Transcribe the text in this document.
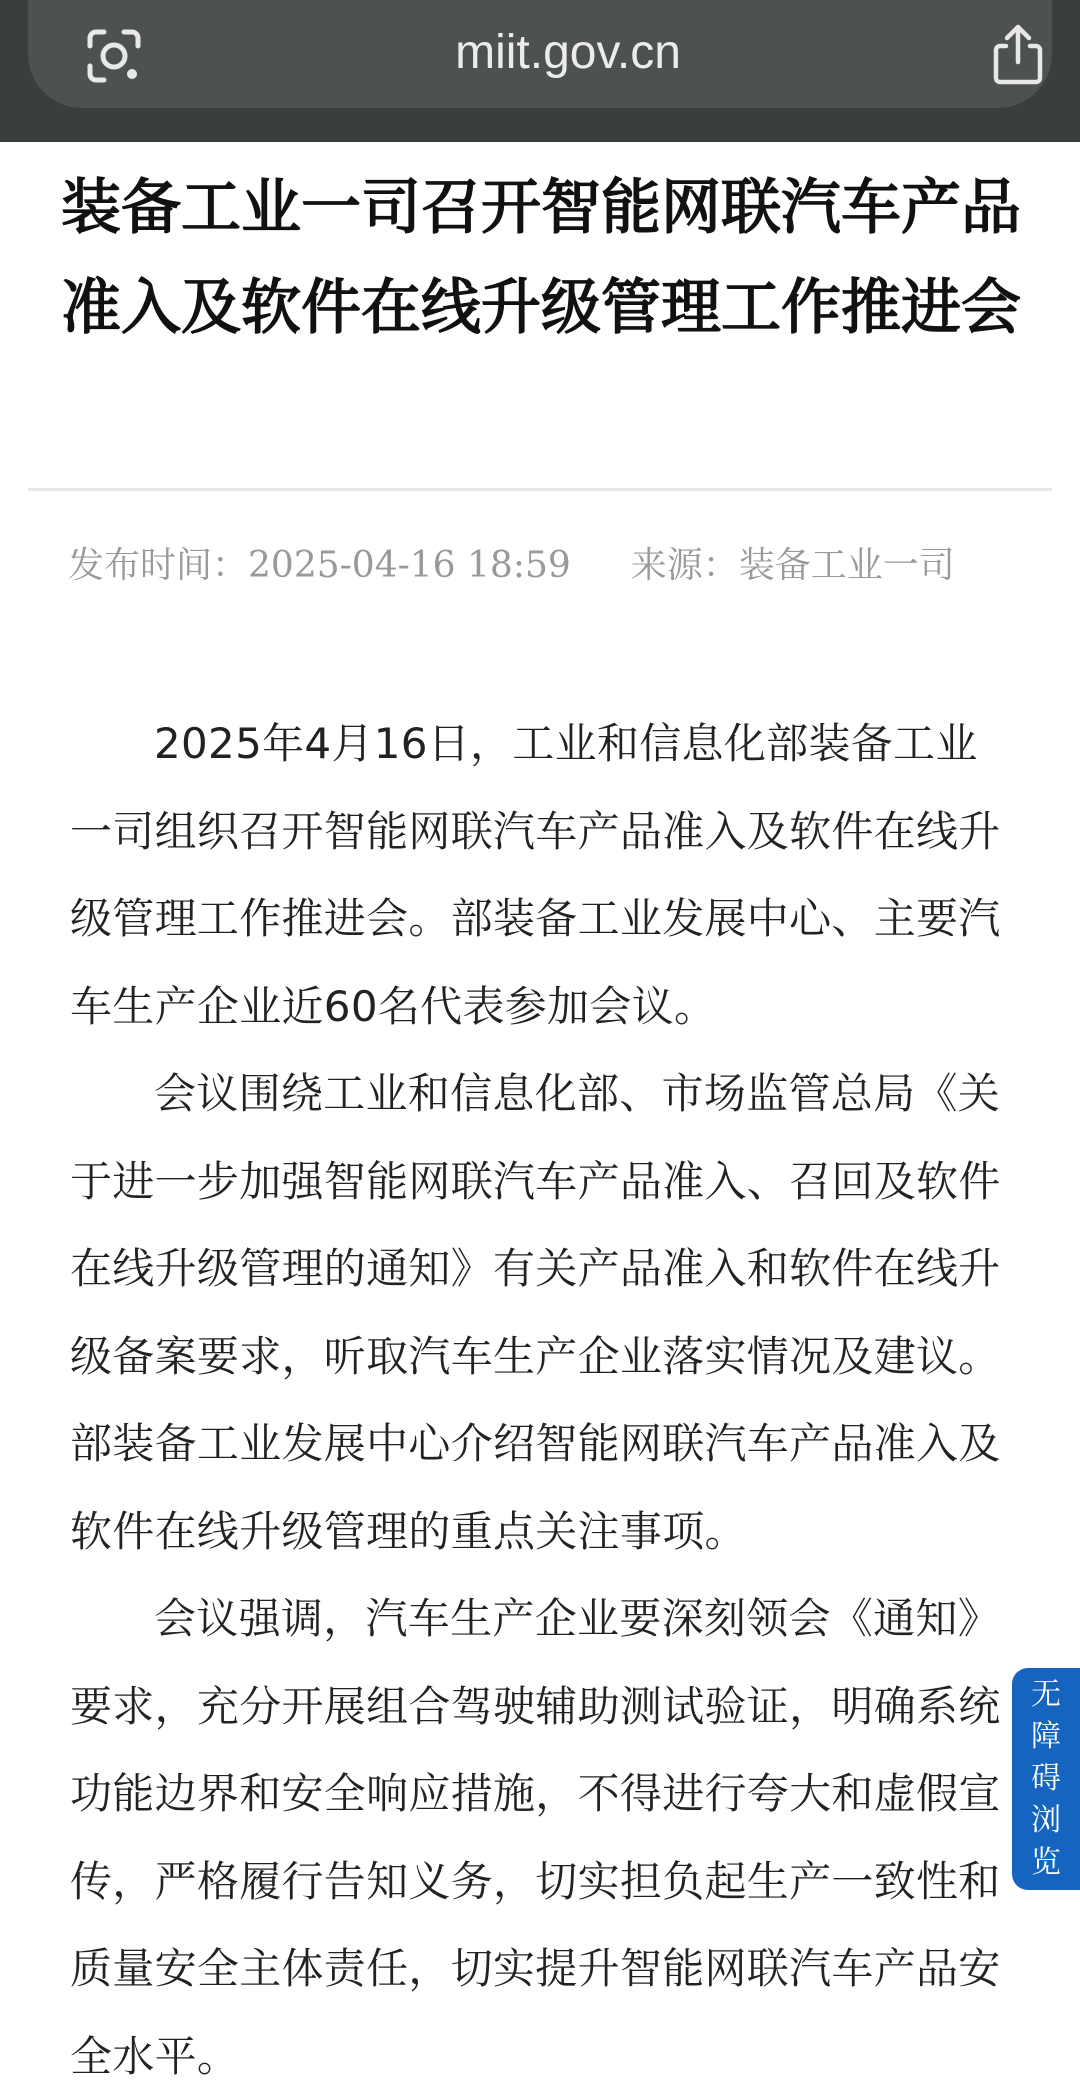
miit.gov.cn
装备工业一司召开智能网联汽车产品准入及软件在线升级管理工作推进会
发布时间：2025-04-16 18:59 来源：装备工业一司

2025年4月16日，工业和信息化部装备工业一司组织召开智能网联汽车产品准入及软件在线升级管理工作推进会。部装备工业发展中心、主要汽车生产企业近60名代表参加会议。

会议围绕工业和信息化部、市场监管总局《关于进一步加强智能网联汽车产品准入、召回及软件在线升级管理的通知》有关产品准入和软件在线升级备案要求，听取汽车生产企业落实情况及建议。部装备工业发展中心介绍智能网联汽车产品准入及软件在线升级管理的重点关注事项。

会议强调，汽车生产企业要深刻领会《通知》要求，充分开展组合驾驶辅助测试验证，明确系统功能边界和安全响应措施，不得进行夸大和虚假宣传，严格履行告知义务，切实担负起生产一致性和质量安全主体责任，切实提升智能网联汽车产品安全水平。

无障碍浏览
